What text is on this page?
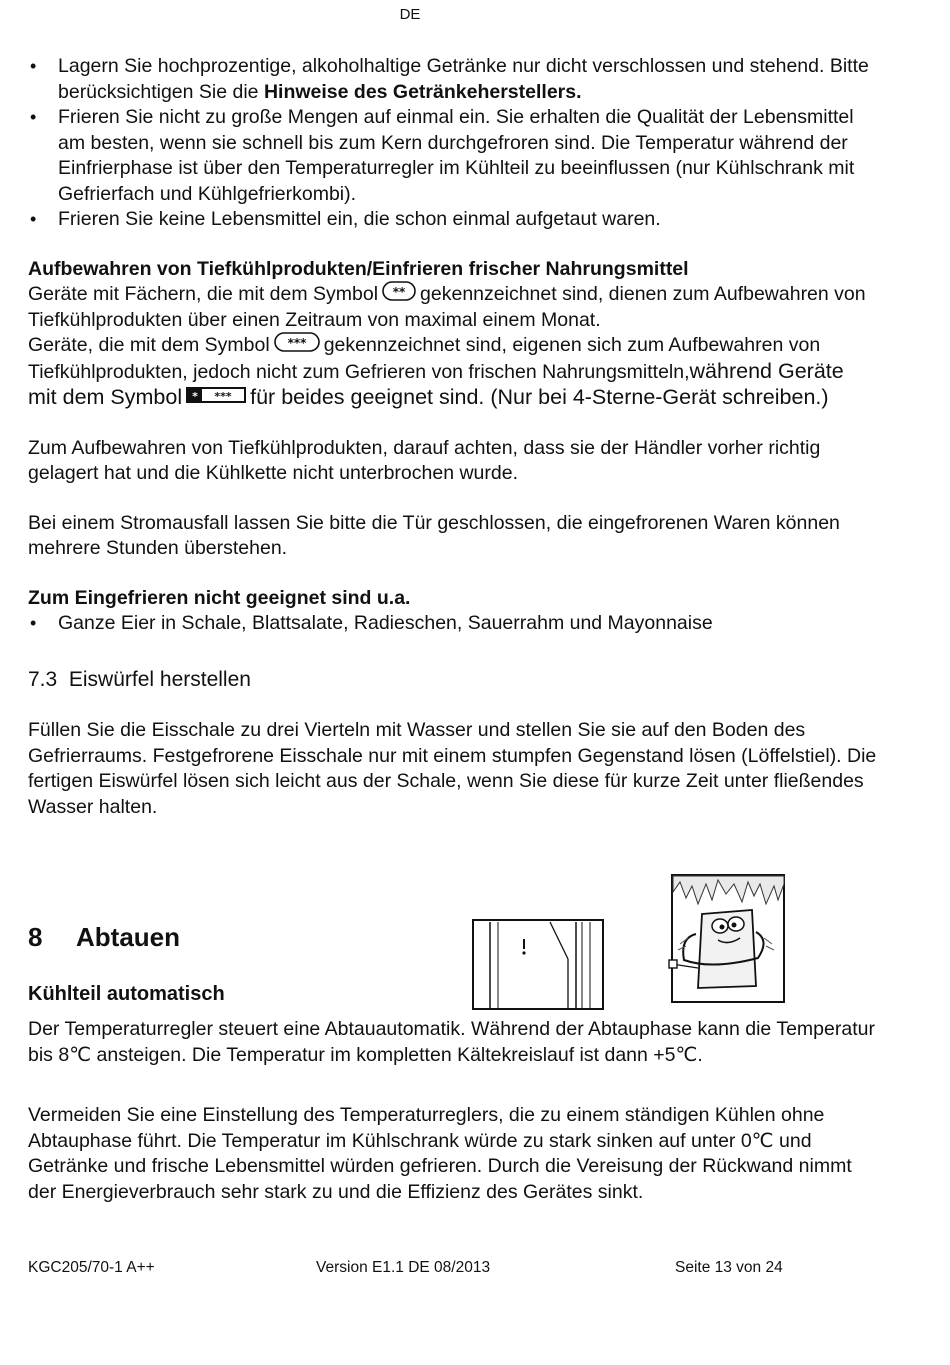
DE
• Lagern Sie hochprozentige, alkoholhaltige Getränke nur dicht verschlossen und stehend. Bitte berücksichtigen Sie die Hinweise des Getränkeherstellers.
• Frieren Sie nicht zu große Mengen auf einmal ein. Sie erhalten die Qualität der Lebensmittel am besten, wenn sie schnell bis zum Kern durchgefroren sind. Die Temperatur während der Einfrierphase ist über den Temperaturregler im Kühlteil zu beeinflussen (nur Kühlschrank mit Gefrierfach und Kühlgefrierkombi).
• Frieren Sie keine Lebensmittel ein, die schon einmal aufgetaut waren.

Aufbewahren von Tiefkühlprodukten/Einfrieren frischer Nahrungsmittel

Geräte mit Fächern, die mit dem Symbol ** gekennzeichnet sind, dienen zum Aufbewahren von Tiefkühlprodukten über einen Zeitraum von maximal einem Monat.

Geräte, die mit dem Symbol *** gekennzeichnet sind, eigenen sich zum Aufbewahren von Tiefkühlprodukten, jedoch nicht zum Gefrieren von frischen Nahrungsmitteln,während Geräte mit dem Symbol * *** für beides geeignet sind. (Nur bei 4-Sterne-Gerät schreiben.)

Zum Aufbewahren von Tiefkühlprodukten, darauf achten, dass sie der Händler vorher richtig gelagert hat und die Kühlkette nicht unterbrochen wurde.

Bei einem Stromausfall lassen Sie bitte die Tür geschlossen, die eingefrorenen Waren können mehrere Stunden überstehen.

Zum Eingefrieren nicht geeignet sind u.a.

• Ganze Eier in Schale, Blattsalate, Radieschen, Sauerrahm und Mayonnaise

7.3 Eiswürfel herstellen

Füllen Sie die Eisschale zu drei Vierteln mit Wasser und stellen Sie sie auf den Boden des Gefrierraums. Festgefrorene Eisschale nur mit einem stumpfen Gegenstand lösen (Löffelstiel). Die fertigen Eiswürfel lösen sich leicht aus der Schale, wenn Sie diese für kurze Zeit unter fließendes Wasser halten.

8 Abtauen
Kühlteil automatisch

Der Temperaturregler steuert eine Abtauautomatik. Während der Abtauphase kann die Temperatur bis 8℃ ansteigen. Die Temperatur im kompletten Kältekreislauf ist dann +5℃.

Vermeiden Sie eine Einstellung des Temperaturreglers, die zu einem ständigen Kühlen ohne Abtauphase führt. Die Temperatur im Kühlschrank würde zu stark sinken auf unter 0℃ und Getränke und frische Lebensmittel würden gefrieren. Durch die Vereisung der Rückwand nimmt der Energieverbrauch sehr stark zu und die Effizienz des Gerätes sinkt.

KGC205/70-1 A++	Version E1.1 DE 08/2013	Seite 13 von 24
